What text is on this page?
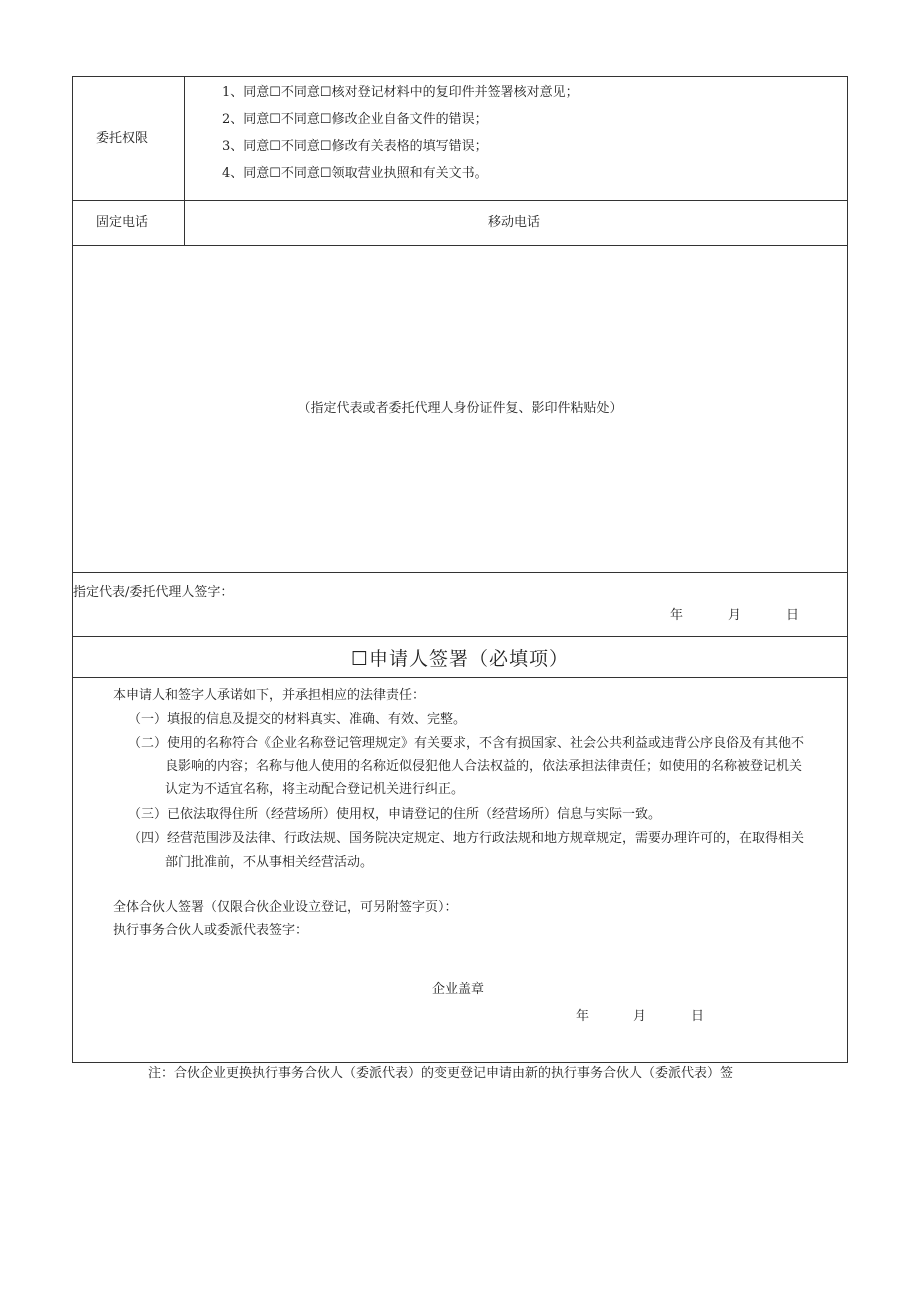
委托权限
1、同意☐不同意☐核对登记材料中的复印件并签署核对意见；
2、同意☐不同意☐修改企业自备文件的错误；
3、同意☐不同意☐修改有关表格的填写错误；
4、同意☐不同意☐领取营业执照和有关文书。
固定电话	移动电话
（指定代表或者委托代理人身份证件复、影印件粘贴处）
指定代表/委托代理人签字：
年	月	日
☐申请人签署（必填项）
本申请人和签字人承诺如下，并承担相应的法律责任：
（一）填报的信息及提交的材料真实、准确、有效、完整。
（二）使用的名称符合《企业名称登记管理规定》有关要求，不含有损国家、社会公共利益或违背公序良俗及有其他不
良影响的内容；名称与他人使用的名称近似侵犯他人合法权益的，依法承担法律责任；如使用的名称被登记机关
认定为不适宜名称，将主动配合登记机关进行纠正。
（三）已依法取得住所（经营场所）使用权，申请登记的住所（经营场所）信息与实际一致。
（四）经营范围涉及法律、行政法规、国务院决定规定、地方行政法规和地方规章规定，需要办理许可的，在取得相关
部门批准前，不从事相关经营活动。
全体合伙人签署（仅限合伙企业设立登记，可另附签字页）：
执行事务合伙人或委派代表签字：
企业盖章
年	月	日
注：合伙企业更换执行事务合伙人（委派代表）的变更登记申请由新的执行事务合伙人（委派代表）签
